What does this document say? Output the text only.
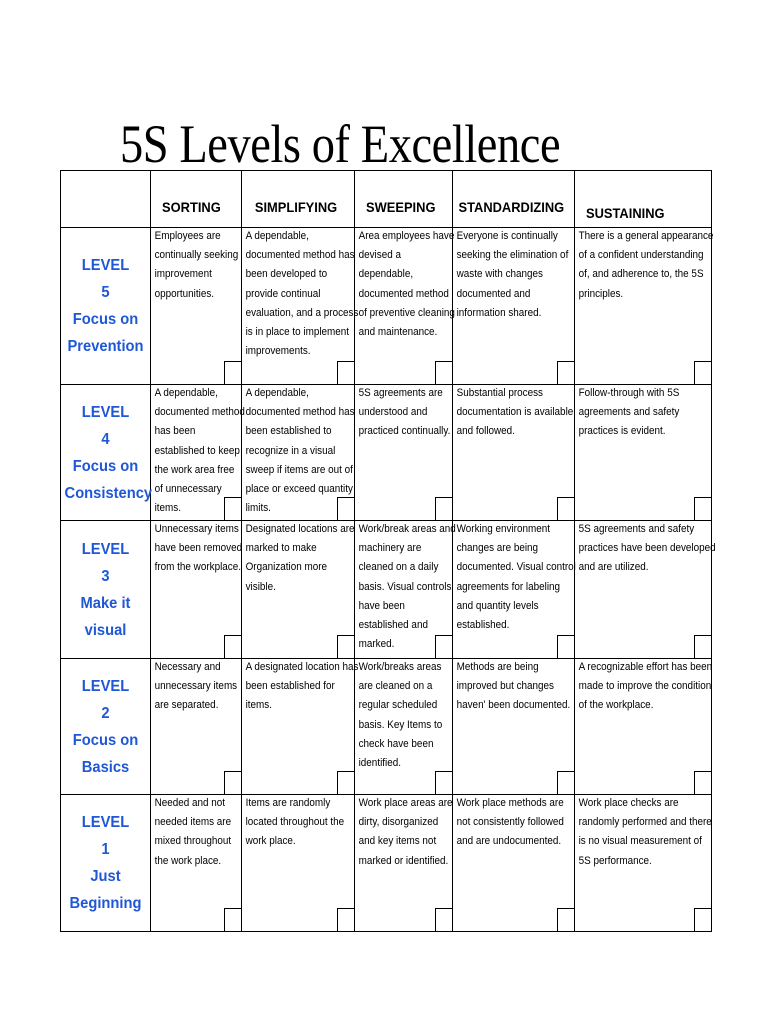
5S Levels of Excellence

	SORTING	SIMPLIFYING	SWEEPING	STANDARDIZING	SUSTAINING

LEVEL
5
Focus on
Prevention	Employees are continually seeking improvement opportunities.	A dependable, documented method has been developed to provide continual evaluation, and a process is in place to implement improvements.	Area employees have devised a dependable, documented method of preventive cleaning and maintenance.	Everyone is continually seeking the elimination of waste with changes documented and information shared.	There is a general appearance of a confident understanding of, and adherence to, the 5S principles.

LEVEL
4
Focus on
Consistency	A dependable, documented method has been established to keep the work area free of unnecessary items.	A dependable, documented method has been established to recognize in a visual sweep if items are out of place or exceed quantity limits.	5S agreements are understood and practiced continually.	Substantial process documentation is available and followed.	Follow-through with 5S agreements and safety practices is evident.

LEVEL
3
Make it visual	Unnecessary items have been removed from the workplace.	Designated locations are marked to make Organization more visible.	Work/break areas and machinery are cleaned on a daily basis. Visual controls have been established and marked.	Working environment changes are being documented. Visual control agreements for labeling and quantity levels established.	5S agreements and safety practices have been developed and are utilized.

LEVEL
2
Focus on
Basics	Necessary and unnecessary items are separated.	A designated location has been established for items.	Work/breaks areas are cleaned on a regular scheduled basis. Key Items to check have been identified.	Methods are being improved but changes haven' been documented.	A recognizable effort has been made to improve the condition of the workplace.

LEVEL
1
Just
Beginning	Needed and not needed items are mixed throughout the work place.	Items are randomly located throughout the work place.	Work place areas are dirty, disorganized and key items not marked or identified.	Work place methods are not consistently followed and are undocumented.	Work place checks are randomly performed and there is no visual measurement of 5S performance.
